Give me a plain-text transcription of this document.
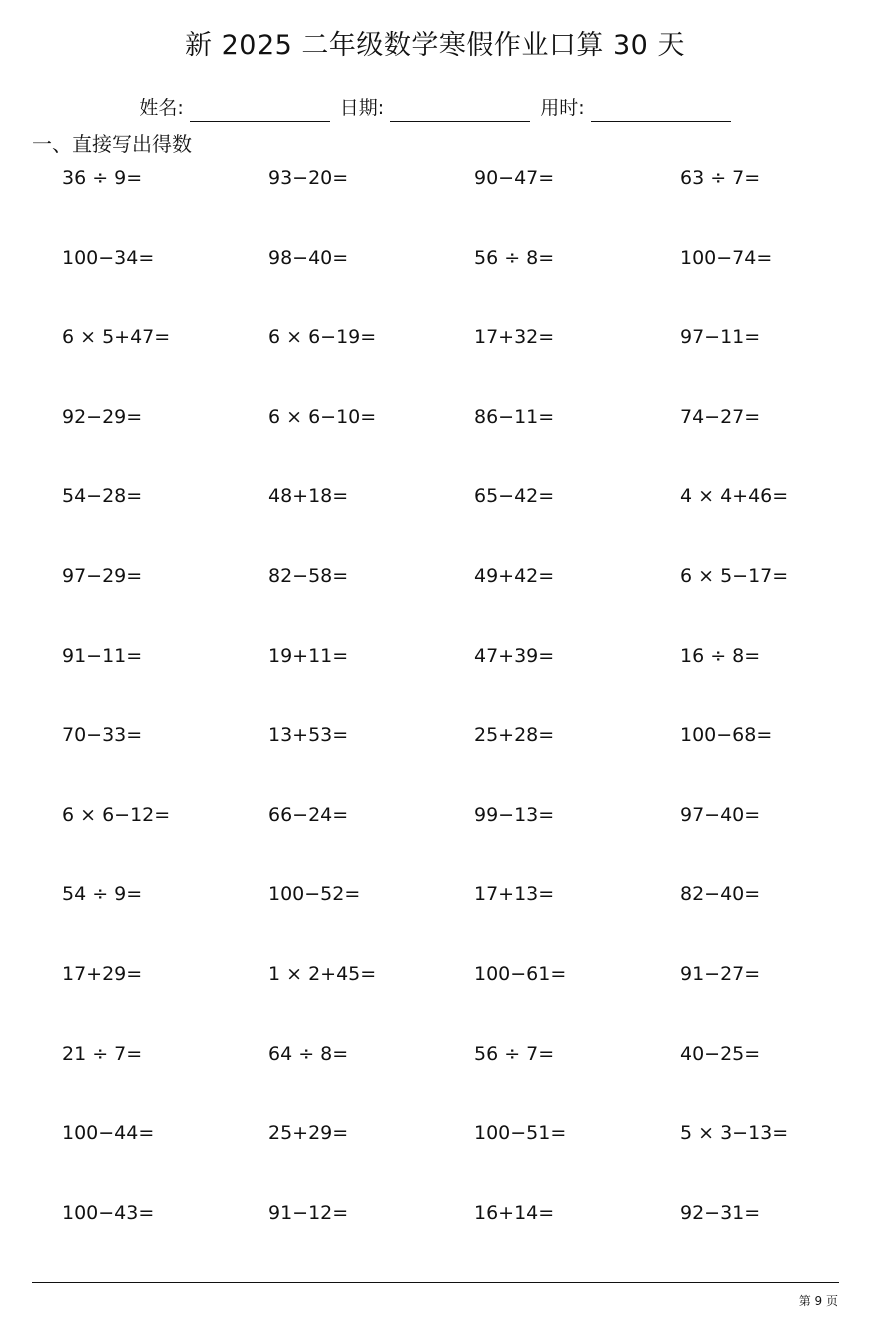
新 2025 二年级数学寒假作业口算 30 天
姓名:	日期:	用时:
一、直接写出得数
36 ÷ 9=	93−20=	90−47=	63 ÷ 7=
100−34=	98−40=	56 ÷ 8=	100−74=
6 × 5+47=	6 × 6−19=	17+32=	97−11=
92−29=	6 × 6−10=	86−11=	74−27=
54−28=	48+18=	65−42=	4 × 4+46=
97−29=	82−58=	49+42=	6 × 5−17=
91−11=	19+11=	47+39=	16 ÷ 8=
70−33=	13+53=	25+28=	100−68=
6 × 6−12=	66−24=	99−13=	97−40=
54 ÷ 9=	100−52=	17+13=	82−40=
17+29=	1 × 2+45=	100−61=	91−27=
21 ÷ 7=	64 ÷ 8=	56 ÷ 7=	40−25=
100−44=	25+29=	100−51=	5 × 3−13=
100−43=	91−12=	16+14=	92−31=
第 9 页
